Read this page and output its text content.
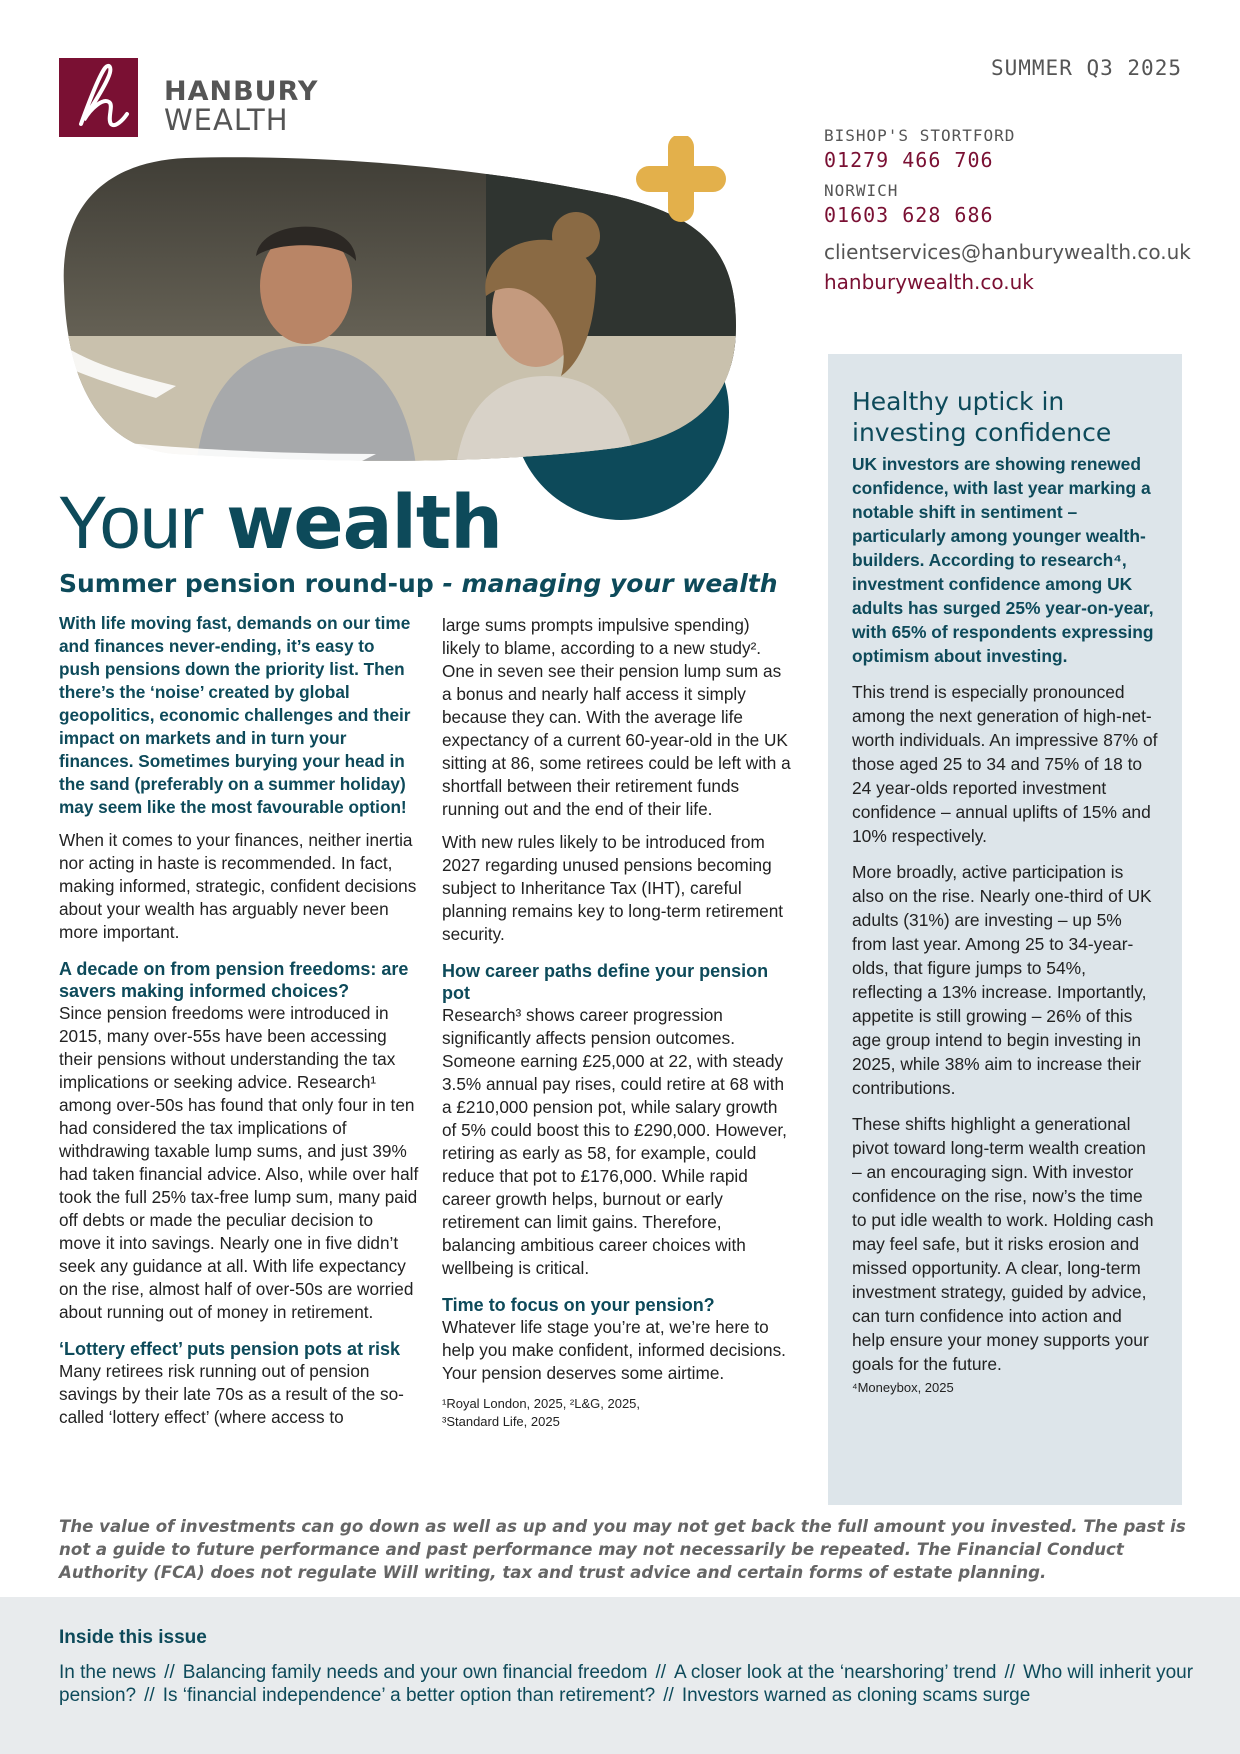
HANBURY
WEALTH
SUMMER Q3 2025
BISHOP'S STORTFORD
01279 466 706
NORWICH
01603 628 686
clientservices@hanburywealth.co.uk
hanburywealth.co.uk
Your wealth
Summer pension round-up - managing your wealth

With life moving fast, demands on our time and finances never-ending, it’s easy to push pensions down the priority list. Then there’s the ‘noise’ created by global geopolitics, economic challenges and their impact on markets and in turn your finances. Sometimes burying your head in the sand (preferably on a summer holiday) may seem like the most favourable option!

When it comes to your finances, neither inertia nor acting in haste is recommended. In fact, making informed, strategic, confident decisions about your wealth has arguably never been more important.

A decade on from pension freedoms: are savers making informed choices?

Since pension freedoms were introduced in 2015, many over-55s have been accessing their pensions without understanding the tax implications or seeking advice. Research¹ among over-50s has found that only four in ten had considered the tax implications of withdrawing taxable lump sums, and just 39% had taken financial advice. Also, while over half took the full 25% tax-free lump sum, many paid off debts or made the peculiar decision to move it into savings. Nearly one in five didn’t seek any guidance at all. With life expectancy on the rise, almost half of over-50s are worried about running out of money in retirement.

‘Lottery effect’ puts pension pots at risk

Many retirees risk running out of pension savings by their late 70s as a result of the so-called ‘lottery effect’ (where access to

large sums prompts impulsive spending) likely to blame, according to a new study². One in seven see their pension lump sum as a bonus and nearly half access it simply because they can. With the average life expectancy of a current 60-year-old in the UK sitting at 86, some retirees could be left with a shortfall between their retirement funds running out and the end of their life.

With new rules likely to be introduced from 2027 regarding unused pensions becoming subject to Inheritance Tax (IHT), careful planning remains key to long-term retirement security.

How career paths define your pension pot

Research³ shows career progression significantly affects pension outcomes. Someone earning £25,000 at 22, with steady 3.5% annual pay rises, could retire at 68 with a £210,000 pension pot, while salary growth of 5% could boost this to £290,000. However, retiring as early as 58, for example, could reduce that pot to £176,000. While rapid career growth helps, burnout or early retirement can limit gains. Therefore, balancing ambitious career choices with wellbeing is critical.

Time to focus on your pension?

Whatever life stage you’re at, we’re here to help you make confident, informed decisions. Your pension deserves some airtime.

¹Royal London, 2025, ²L&G, 2025,
³Standard Life, 2025
Healthy uptick in investing confidence

UK investors are showing renewed confidence, with last year marking a notable shift in sentiment – particularly among younger wealth-builders. According to research⁴, investment confidence among UK adults has surged 25% year-on-year, with 65% of respondents expressing optimism about investing.

This trend is especially pronounced among the next generation of high-net-worth individuals. An impressive 87% of those aged 25 to 34 and 75% of 18 to 24 year-olds reported investment confidence – annual uplifts of 15% and 10% respectively.

More broadly, active participation is also on the rise. Nearly one-third of UK adults (31%) are investing – up 5% from last year. Among 25 to 34-year-olds, that figure jumps to 54%, reflecting a 13% increase. Importantly, appetite is still growing – 26% of this age group intend to begin investing in 2025, while 38% aim to increase their contributions.

These shifts highlight a generational pivot toward long-term wealth creation – an encouraging sign. With investor confidence on the rise, now’s the time to put idle wealth to work. Holding cash may feel safe, but it risks erosion and missed opportunity. A clear, long-term investment strategy, guided by advice, can turn confidence into action and help ensure your money supports your goals for the future.

⁴Moneybox, 2025
The value of investments can go down as well as up and you may not get back the full amount you invested. The past is not a guide to future performance and past performance may not necessarily be repeated. The Financial Conduct Authority (FCA) does not regulate Will writing, tax and trust advice and certain forms of estate planning.
Inside this issue
In the news // Balancing family needs and your own financial freedom // A closer look at the ‘nearshoring’ trend // Who will inherit your pension? // Is ‘financial independence’ a better option than retirement? // Investors warned as cloning scams surge
